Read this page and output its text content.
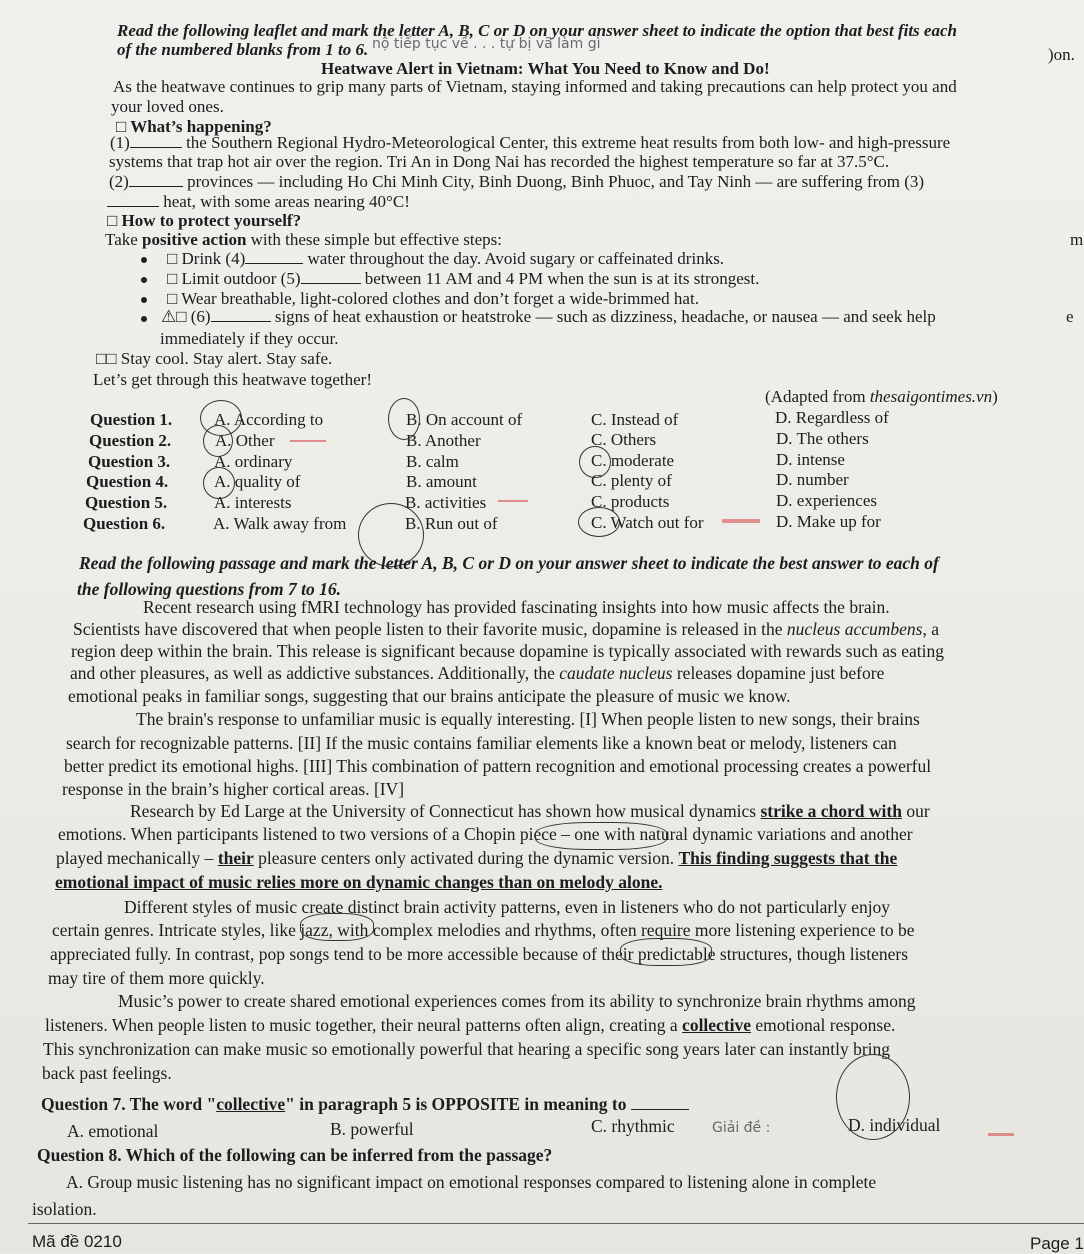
Read the following leaflet and mark the letter A, B, C or D on your answer sheet to indicate the option that best fits each
of the numbered blanks from 1 to 6. nộ tiếp tục về . . . tự bị vã làm gì
)on.
Heatwave Alert in Vietnam: What You Need to Know and Do!
As the heatwave continues to grip many parts of Vietnam, staying informed and taking precautions can help protect you and
your loved ones.
□ What’s happening?
(1)	the Southern Regional Hydro-Meteorological Center, this extreme heat results from both low- and high-pressure
systems that trap hot air over the region. Tri An in Dong Nai has recorded the highest temperature so far at 37.5°C.
(2)	provinces — including Ho Chi Minh City, Binh Duong, Binh Phuoc, and Tay Ninh — are suffering from (3)
heat, with some areas nearing 40°C!
□ How to protect yourself?
Take positive action with these simple but effective steps:	m
□ Drink (4)	water throughout the day. Avoid sugary or caffeinated drinks.
□ Limit outdoor (5)	between 11 AM and 4 PM when the sun is at its strongest.
□ Wear breathable, light-colored clothes and don’t forget a wide-brimmed hat.
⚠□ (6)	signs of heat exhaustion or heatstroke — such as dizziness, headache, or nausea — and seek help	e
immediately if they occur.
□□ Stay cool. Stay alert. Stay safe.
Let’s get through this heatwave together!
(Adapted from thesaigontimes.vn)
Question 1. A. According to	B. On account of	C. Instead of	D. Regardless of
Question 2.	A. Other	B. Another	C. Others	D. The others
Question 3.	A. ordinary	B. calm	C. moderate	D. intense
Question 4.	A. quality of	B. amount	C. plenty of	D. number
Question 5.	A. interests	B. activities	C. products	D. experiences
Question 6.	A. Walk away from	B. Run out of	C. Watch out for	D. Make up for
Read the following passage and mark the letter A, B, C or D on your answer sheet to indicate the best answer to each of
the following questions from 7 to 16.
Recent research using fMRI technology has provided fascinating insights into how music affects the brain.
Scientists have discovered that when people listen to their favorite music, dopamine is released in the nucleus accumbens, a
region deep within the brain. This release is significant because dopamine is typically associated with rewards such as eating
and other pleasures, as well as addictive substances. Additionally, the caudate nucleus releases dopamine just before
emotional peaks in familiar songs, suggesting that our brains anticipate the pleasure of music we know.
The brain's response to unfamiliar music is equally interesting. [I] When people listen to new songs, their brains
search for recognizable patterns. [II] If the music contains familiar elements like a known beat or melody, listeners can
better predict its emotional highs. [III] This combination of pattern recognition and emotional processing creates a powerful
response in the brain’s higher cortical areas. [IV]
Research by Ed Large at the University of Connecticut has shown how musical dynamics strike a chord with our
emotions. When participants listened to two versions of a Chopin piece – one with natural dynamic variations and another
played mechanically – their pleasure centers only activated during the dynamic version. This finding suggests that the
emotional impact of music relies more on dynamic changes than on melody alone.
Different styles of music create distinct brain activity patterns, even in listeners who do not particularly enjoy
certain genres. Intricate styles, like jazz, with complex melodies and rhythms, often require more listening experience to be
appreciated fully. In contrast, pop songs tend to be more accessible because of their predictable structures, though listeners
may tire of them more quickly.
Music’s power to create shared emotional experiences comes from its ability to synchronize brain rhythms among
listeners. When people listen to music together, their neural patterns often align, creating a collective emotional response.
This synchronization can make music so emotionally powerful that hearing a specific song years later can instantly bring
back past feelings.
Question 7. The word "collective" in paragraph 5 is OPPOSITE in meaning to
Giải đề :
A. emotional	B. powerful	C. rhythmic	D. individual
Question 8. Which of the following can be inferred from the passage?
A. Group music listening has no significant impact on emotional responses compared to listening alone in complete
isolation.
Mã đề 0210	Page 1
